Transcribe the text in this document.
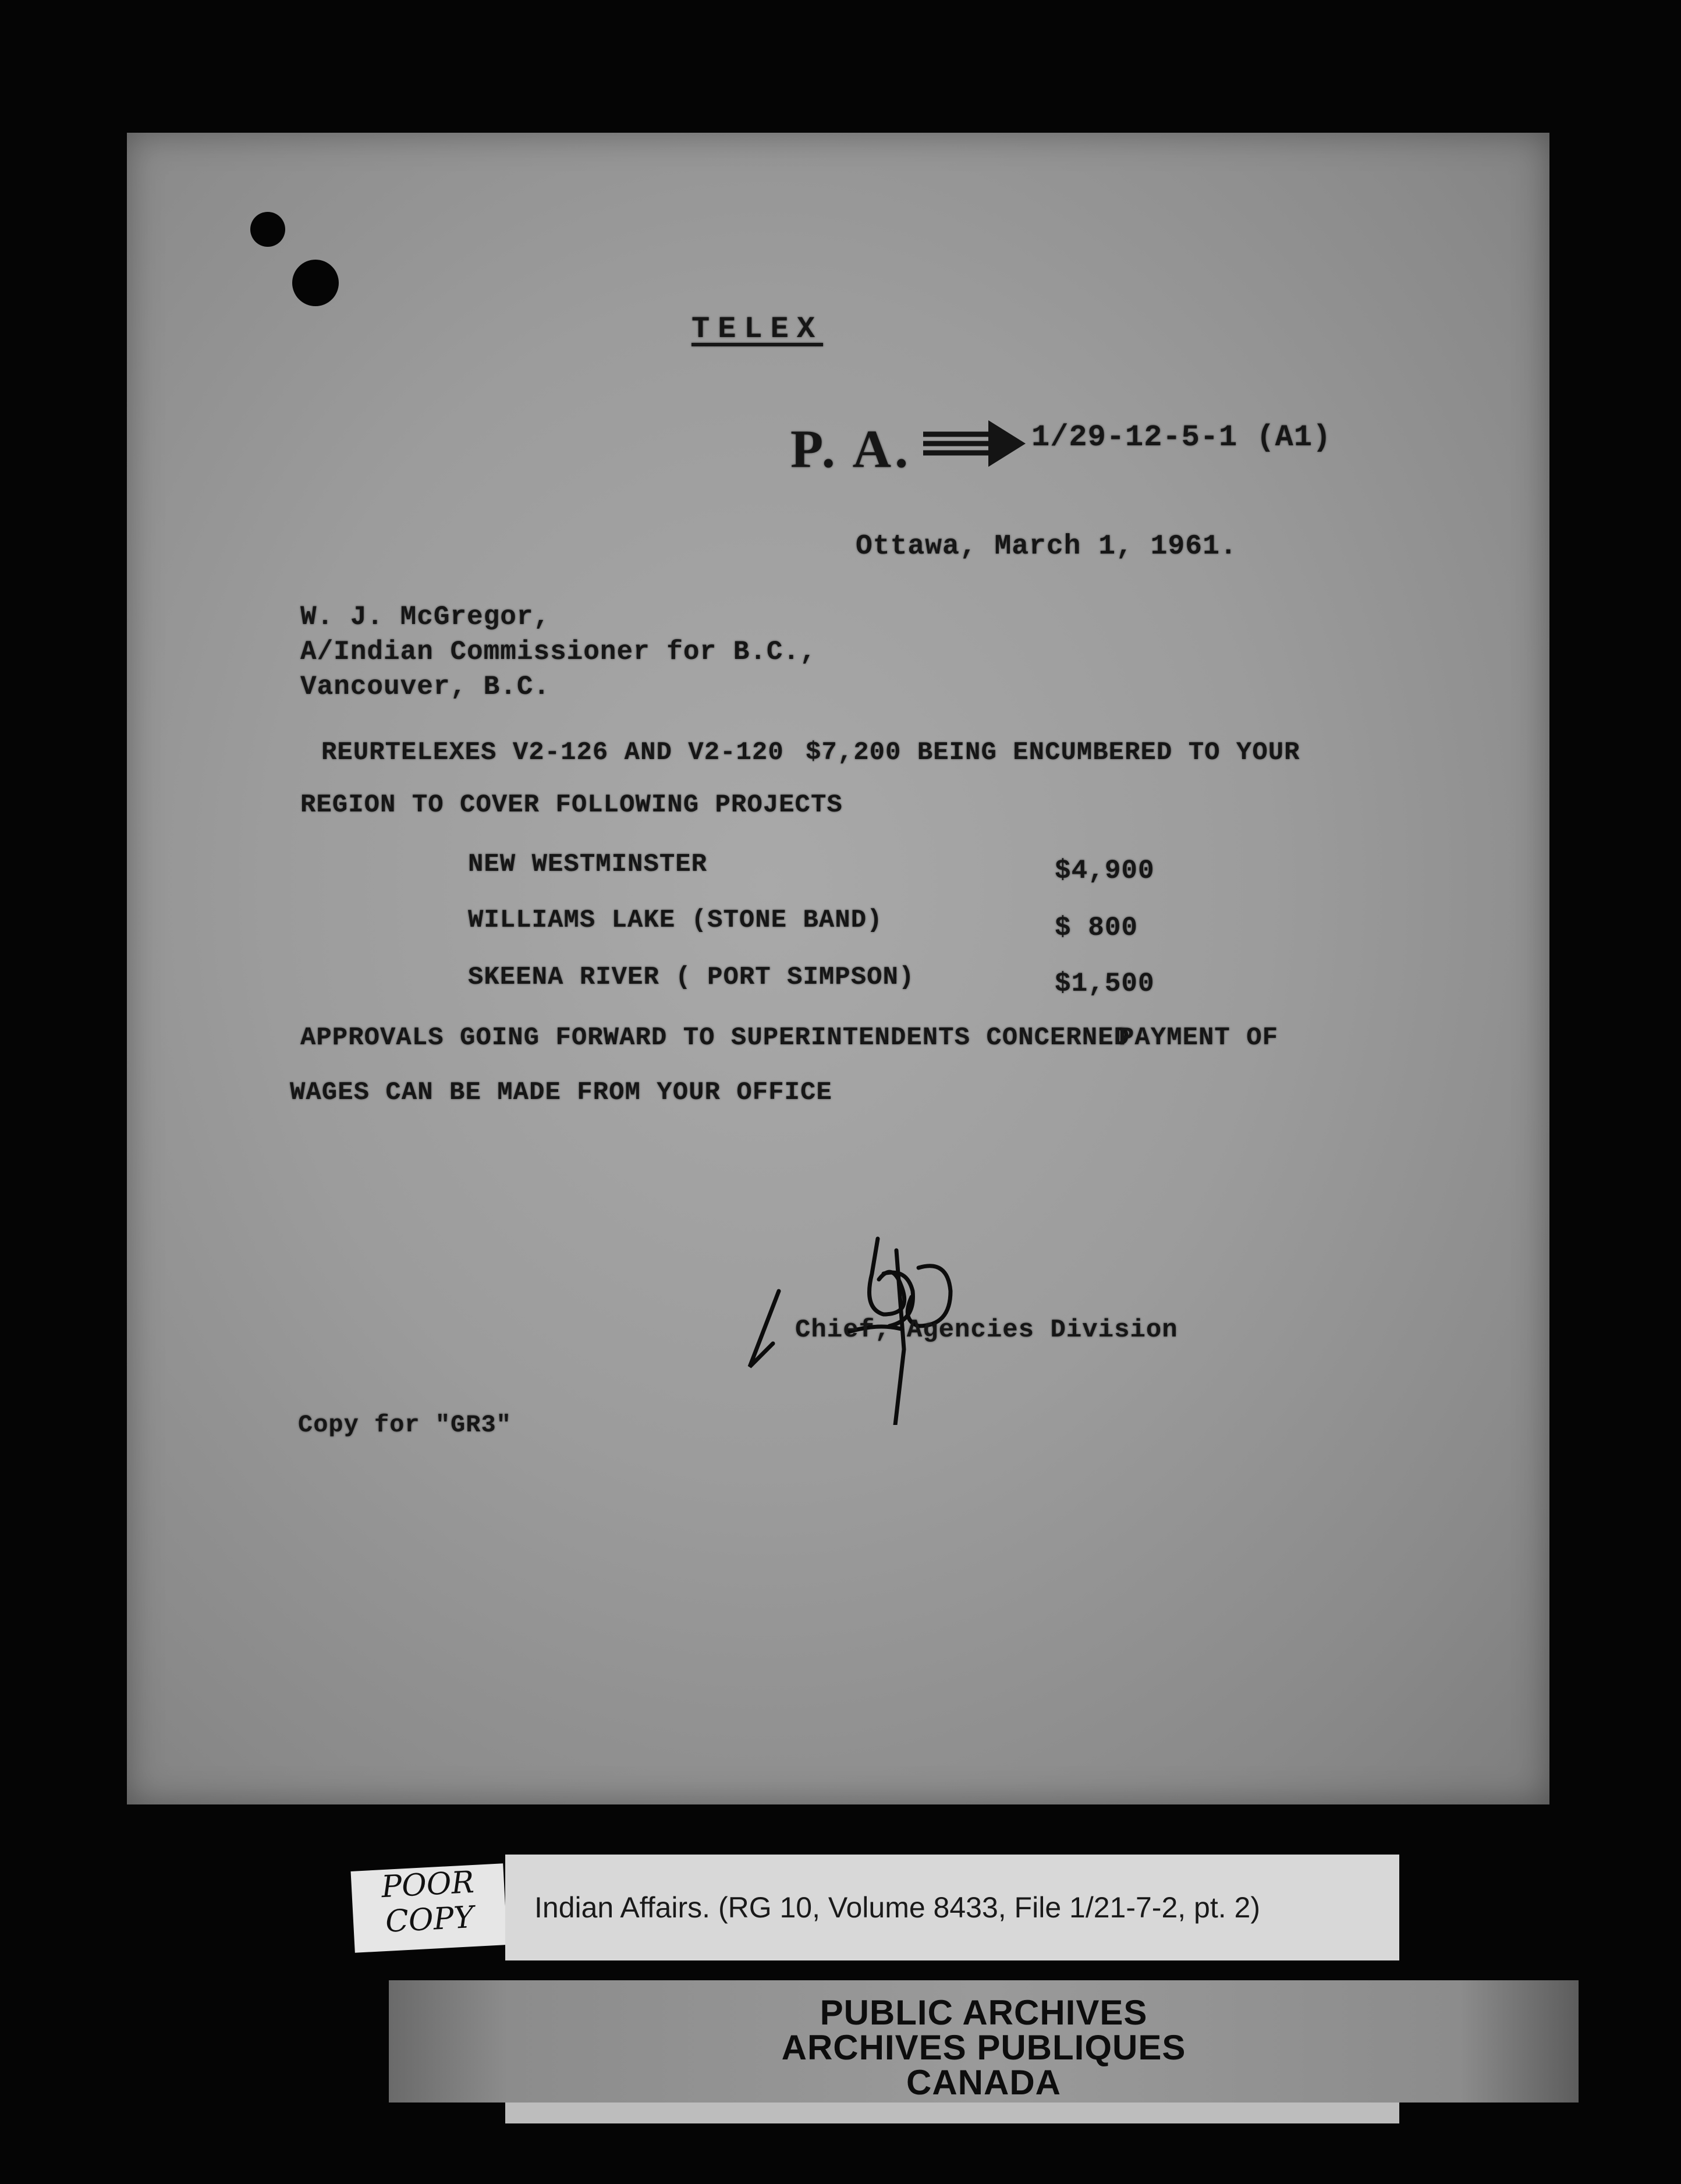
TELEX
P. A.	1/29-12-5-1 (A1)
Ottawa, March 1, 1961.
W. J. McGregor,
A/Indian Commissioner for B.C.,
Vancouver, B.C.
REURTELEXES V2-126 AND V2-120 $7,200 BEING ENCUMBERED TO YOUR
REGION TO COVER FOLLOWING PROJECTS
NEW WESTMINSTER	$4,900
WILLIAMS LAKE (STONE BAND)	$ 800
SKEENA RIVER ( PORT SIMPSON)	$1,500
APPROVALS GOING FORWARD TO SUPERINTENDENTS CONCERNED
PAYMENT OF
WAGES CAN BE MADE FROM YOUR OFFICE
Chief, Agencies Division
Copy for "GR3"
POOR
COPY	Indian Affairs. (RG 10, Volume 8433, File 1/21-7-2, pt. 2)
PUBLIC ARCHIVES
ARCHIVES PUBLIQUES
CANADA
